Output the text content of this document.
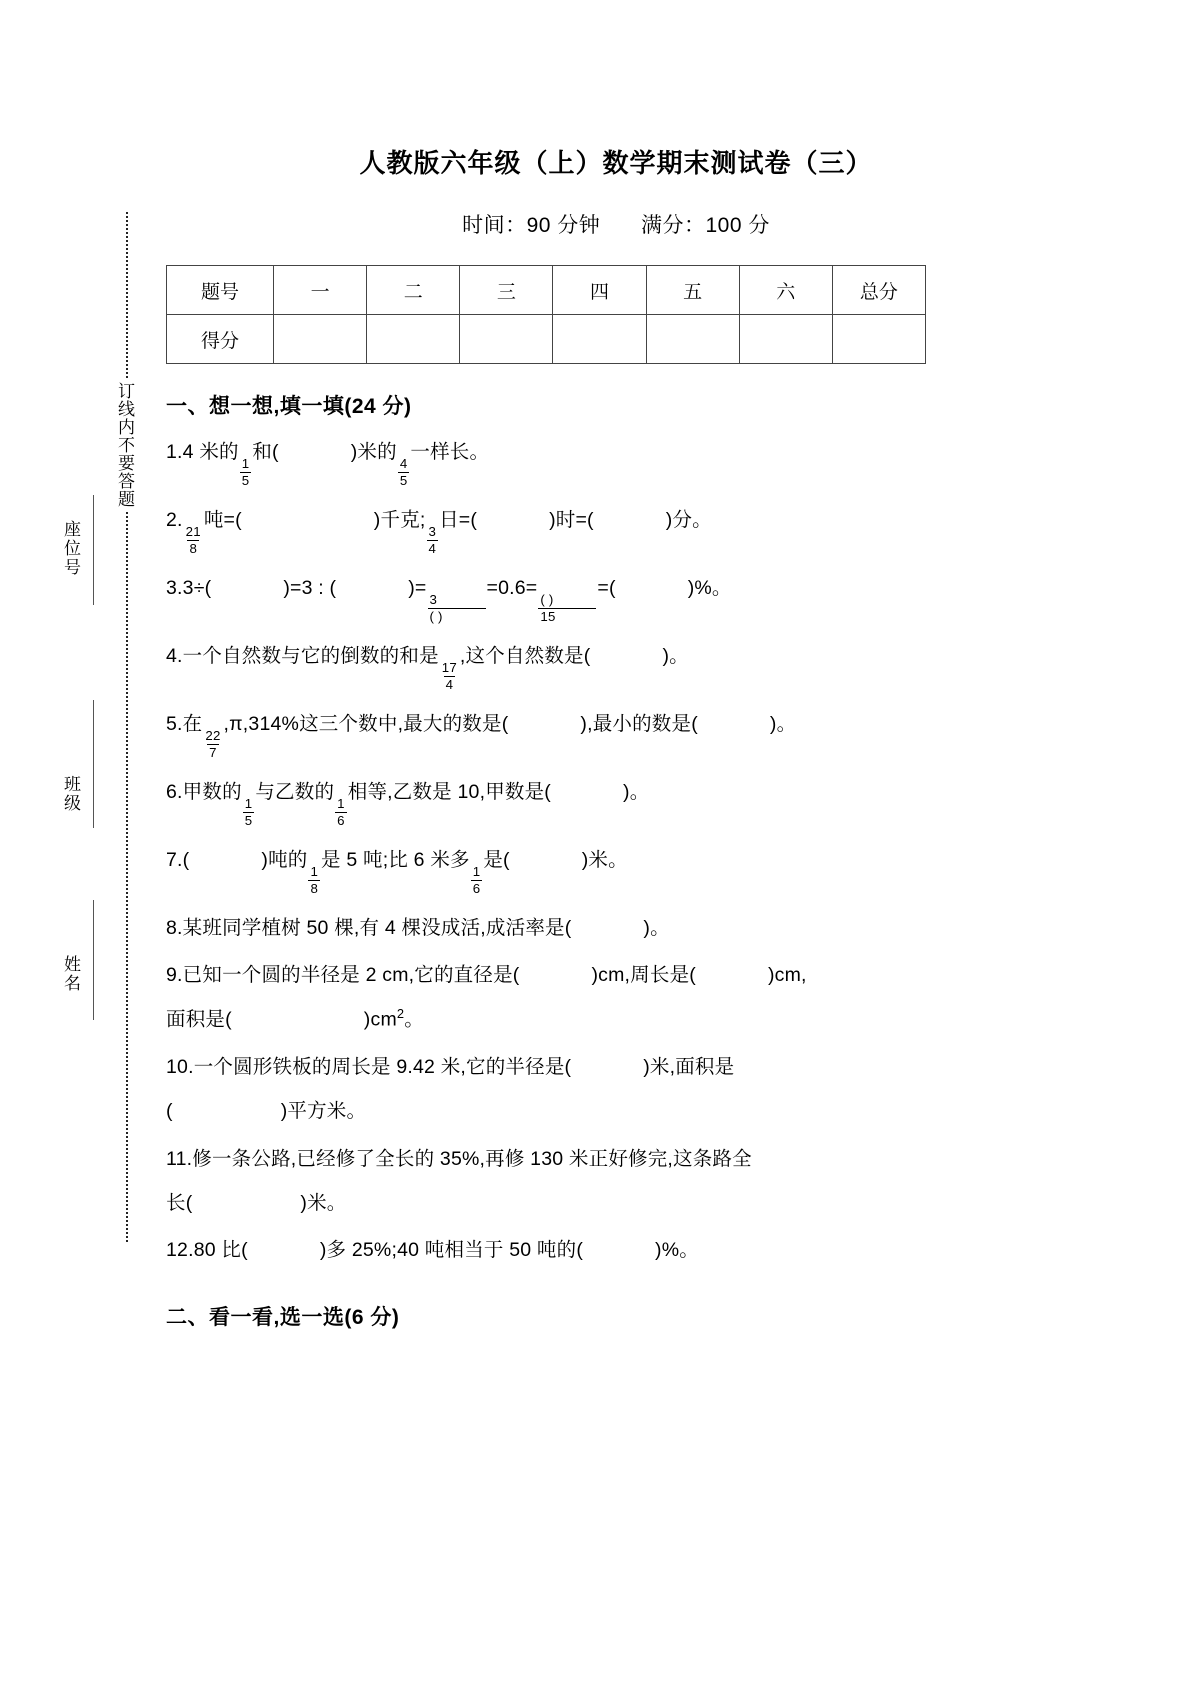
座位号
班级
姓名
订线内不要答题
人教版六年级（上）数学期末测试卷（三）
时间：90 分钟 满分：100 分
题号	一	二	三	四	五	六	总分
得分							
一、想一想,填一填(24 分)
1.4 米的
$\frac{1}{5}$
和(	)米的
$\frac{4}{5}$
一样长。
2.
$\frac{21}{8}$
吨=(	)千克;
$\frac{3}{4}$
日=(	)时=(	)分。
3.3÷(	)=3 : (	)=
$\frac{3}{( )}$
=0.6=
$\frac{( )}{15}$
=(	)%。
4.一个自然数与它的倒数的和是
$\frac{17}{4}$
,这个自然数是(	)。
5.在
$\frac{22}{7}$
,π,314%这三个数中,最大的数是(	),最小的数是(	)。
6.甲数的
$\frac{1}{5}$
与乙数的
$\frac{1}{6}$
相等,乙数是 10,甲数是(	)。
7.(	)吨的
$\frac{1}{8}$
是 5 吨;比 6 米多
$\frac{1}{6}$
是(	)米。
8.某班同学植树 50 棵,有 4 棵没成活,成活率是(	)。
9.已知一个圆的半径是 2 cm,它的直径是(	)cm,周长是(	)cm,
面积是(	)$cm^2$。
10.一个圆形铁板的周长是 9.42 米,它的半径是(	)米,面积是
(	)平方米。
11.修一条公路,已经修了全长的 35%,再修 130 米正好修完,这条路全
长(	)米。
12.80 比(	)多 25%;40 吨相当于 50 吨的(	)%。
二、看一看,选一选(6 分)
